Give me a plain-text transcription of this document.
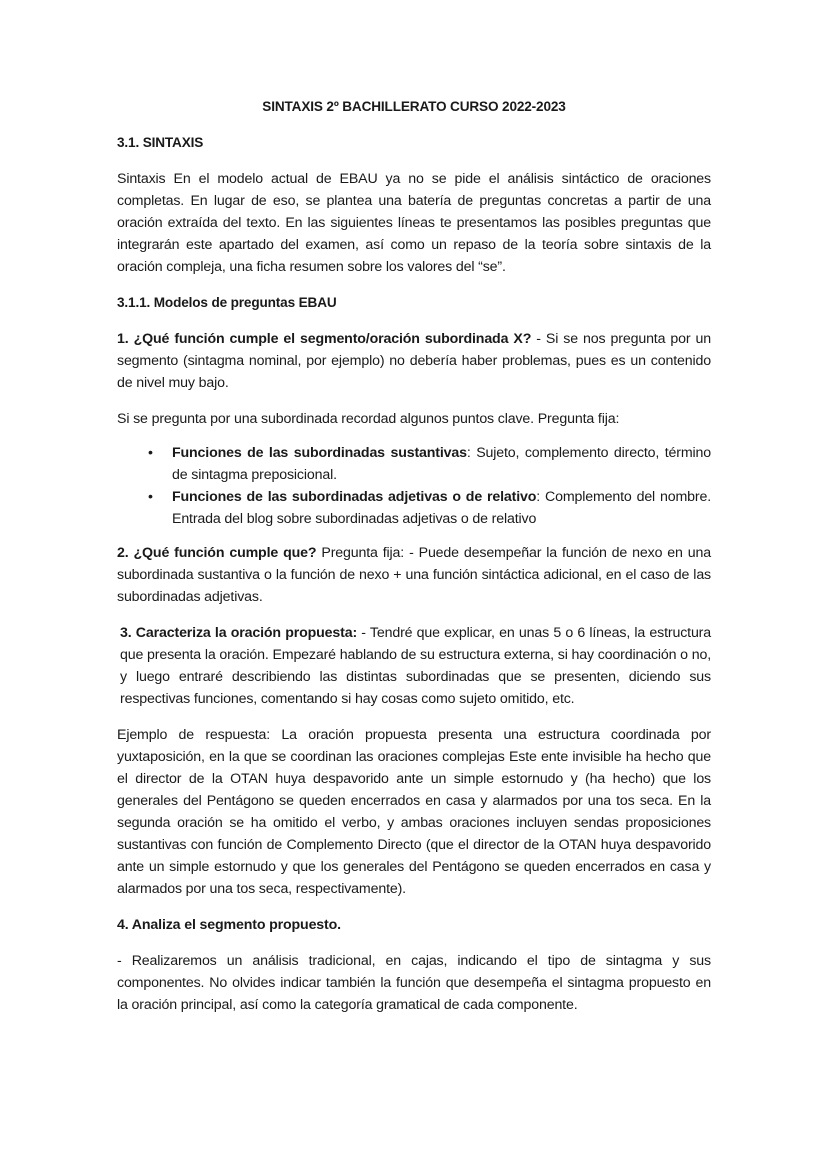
SINTAXIS 2º BACHILLERATO CURSO 2022-2023
3.1. SINTAXIS

Sintaxis En el modelo actual de EBAU ya no se pide el análisis sintáctico de oraciones completas. En lugar de eso, se plantea una batería de preguntas concretas a partir de una oración extraída del texto. En las siguientes líneas te presentamos las posibles preguntas que integrarán este apartado del examen, así como un repaso de la teoría sobre sintaxis de la oración compleja, una ficha resumen sobre los valores del “se”.

3.1.1. Modelos de preguntas EBAU

1. ¿Qué función cumple el segmento/oración subordinada X? - Si se nos pregunta por un segmento (sintagma nominal, por ejemplo) no debería haber problemas, pues es un contenido de nivel muy bajo.

Si se pregunta por una subordinada recordad algunos puntos clave. Pregunta fija:

• Funciones de las subordinadas sustantivas: Sujeto, complemento directo, término de sintagma preposicional.
• Funciones de las subordinadas adjetivas o de relativo: Complemento del nombre. Entrada del blog sobre subordinadas adjetivas o de relativo

2. ¿Qué función cumple que? Pregunta fija: - Puede desempeñar la función de nexo en una subordinada sustantiva o la función de nexo + una función sintáctica adicional, en el caso de las subordinadas adjetivas.

3. Caracteriza la oración propuesta: - Tendré que explicar, en unas 5 o 6 líneas, la estructura que presenta la oración. Empezaré hablando de su estructura externa, si hay coordinación o no, y luego entraré describiendo las distintas subordinadas que se presenten, diciendo sus respectivas funciones, comentando si hay cosas como sujeto omitido, etc.

Ejemplo de respuesta: La oración propuesta presenta una estructura coordinada por yuxtaposición, en la que se coordinan las oraciones complejas Este ente invisible ha hecho que el director de la OTAN huya despavorido ante un simple estornudo y (ha hecho) que los generales del Pentágono se queden encerrados en casa y alarmados por una tos seca. En la segunda oración se ha omitido el verbo, y ambas oraciones incluyen sendas proposiciones sustantivas con función de Complemento Directo (que el director de la OTAN huya despavorido ante un simple estornudo y que los generales del Pentágono se queden encerrados en casa y alarmados por una tos seca, respectivamente).

4. Analiza el segmento propuesto.

- Realizaremos un análisis tradicional, en cajas, indicando el tipo de sintagma y sus componentes. No olvides indicar también la función que desempeña el sintagma propuesto en la oración principal, así como la categoría gramatical de cada componente.
